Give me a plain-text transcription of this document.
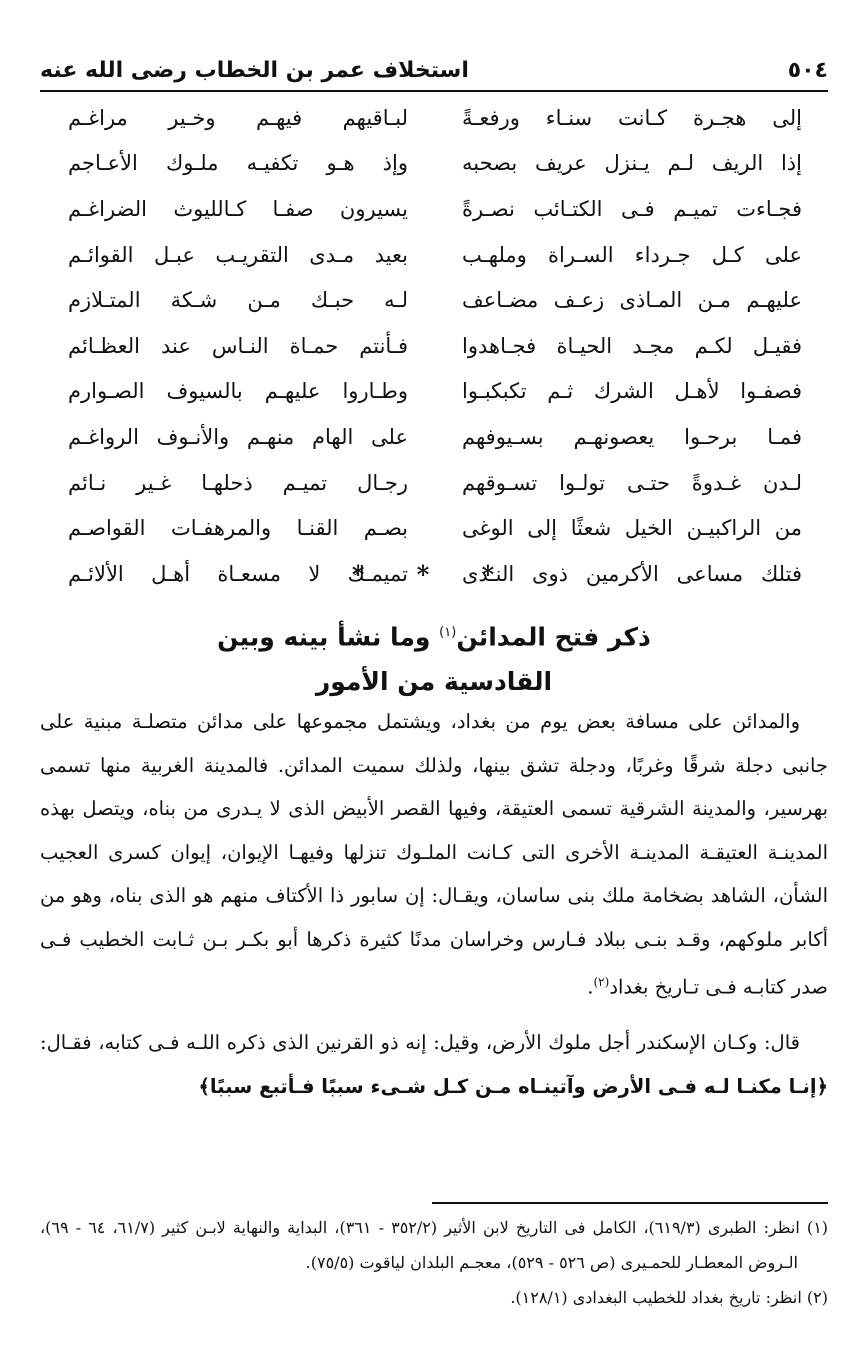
٥٠٤
استخلاف عمر بن الخطاب رضى الله عنه
إلى هجـرة كـانت سنـاء ورفعـةً
لبـاقيهم فيهـم وخـير مراغـم
إذا الريف لـم يـنزل عريف بصحبه
وإذ هـو تكفيـه ملـوك الأعـاجم
فجـاءت تميـم فـى الكتـائب نصـرةً
يسيرون صفـا كـالليوث الضراغـم
على كـل جـرداء السـراة وملهـب
بعيد مـدى التقريـب عبـل القوائـم
عليهـم مـن المـاذى زعـف مضـاعف
لـه حبـك مـن شـكة المتـلازم
فقيـل لكـم مجـد الحيـاة فجـاهدوا
فـأنتم حمـاة النـاس عند العظـائم
فصفـوا لأهـل الشرك ثـم تكبكبـوا
وطـاروا عليهـم بالسيوف الصـوارم
فمـا برحـوا يعصونهـم بسـيوفهم
على الهام منهـم والأنـوف الرواغـم
لـدن غـدوةً حتـى تولـوا تسـوقهم
رجـال تميـم ذحلهـا غـير نـائم
من الراكبيـن الخيل شعثًا إلى الوغى
بصـم القنـا والمرهفـات القواصـم
فتلك مساعى الأكرمين ذوى النـدى
تميمـك لا مسعـاة أهـل الألائـم
* * *
ذكر فتح المدائن$^{(١)}$ وما نشأ بينه وبين
القادسية من الأمور

والمدائن على مسافة بعض يوم من بغداد، ويشتمل مجموعها على مدائن متصلـة مبنية على جانبى دجلة شرقًا وغربًا، ودجلة تشق بينها، ولذلك سميت المدائن. فالمدينة الغربية منها تسمى بهرسير، والمدينة الشرقية تسمى العتيقة، وفيها القصر الأبيض الذى لا يـدرى من بناه، ويتصل بهذه المدينـة العتيقـة المدينـة الأخرى التى كـانت الملـوك تنزلها وفيهـا الإيوان، إيوان كسرى العجيب الشأن، الشاهد بضخامة ملك بنى ساسان، ويقـال: إن سابور ذا الأكتاف منهم هو الذى بناه، وهو من أكابر ملوكهم، وقـد بنـى ببلاد فـارس وخراسان مدنًا كثيرة ذكرها أبو بكـر بـن ثـابت الخطيب فـى صدر كتابـه فـى تـاريخ بغداد$^{(٢)}$.

قال: وكـان الإسكندر أجل ملوك الأرض، وقيل: إنه ذو القرنين الذى ذكره اللـه فـى كتابه، فقـال: ﴿إنـا مكنـا لـه فـى الأرض وآتينـاه مـن كـل شـىء سببًا فـأتبع سببًا﴾

(١) انظر: الطبرى (٦١٩/٣)، الكامل فى التاريخ لابن الأثير (٣٥٢/٢ - ٣٦١)، البداية والنهاية لابـن كثير (٦١/٧، ٦٤ - ٦٩)، الـروض المعطـار للحمـيرى (ص ٥٢٦ - ٥٢٩)، معجـم البلدان لياقوت (٧٥/٥).

(٢) انظر: تاريخ بغداد للخطيب البغدادى (١٢٨/١).
